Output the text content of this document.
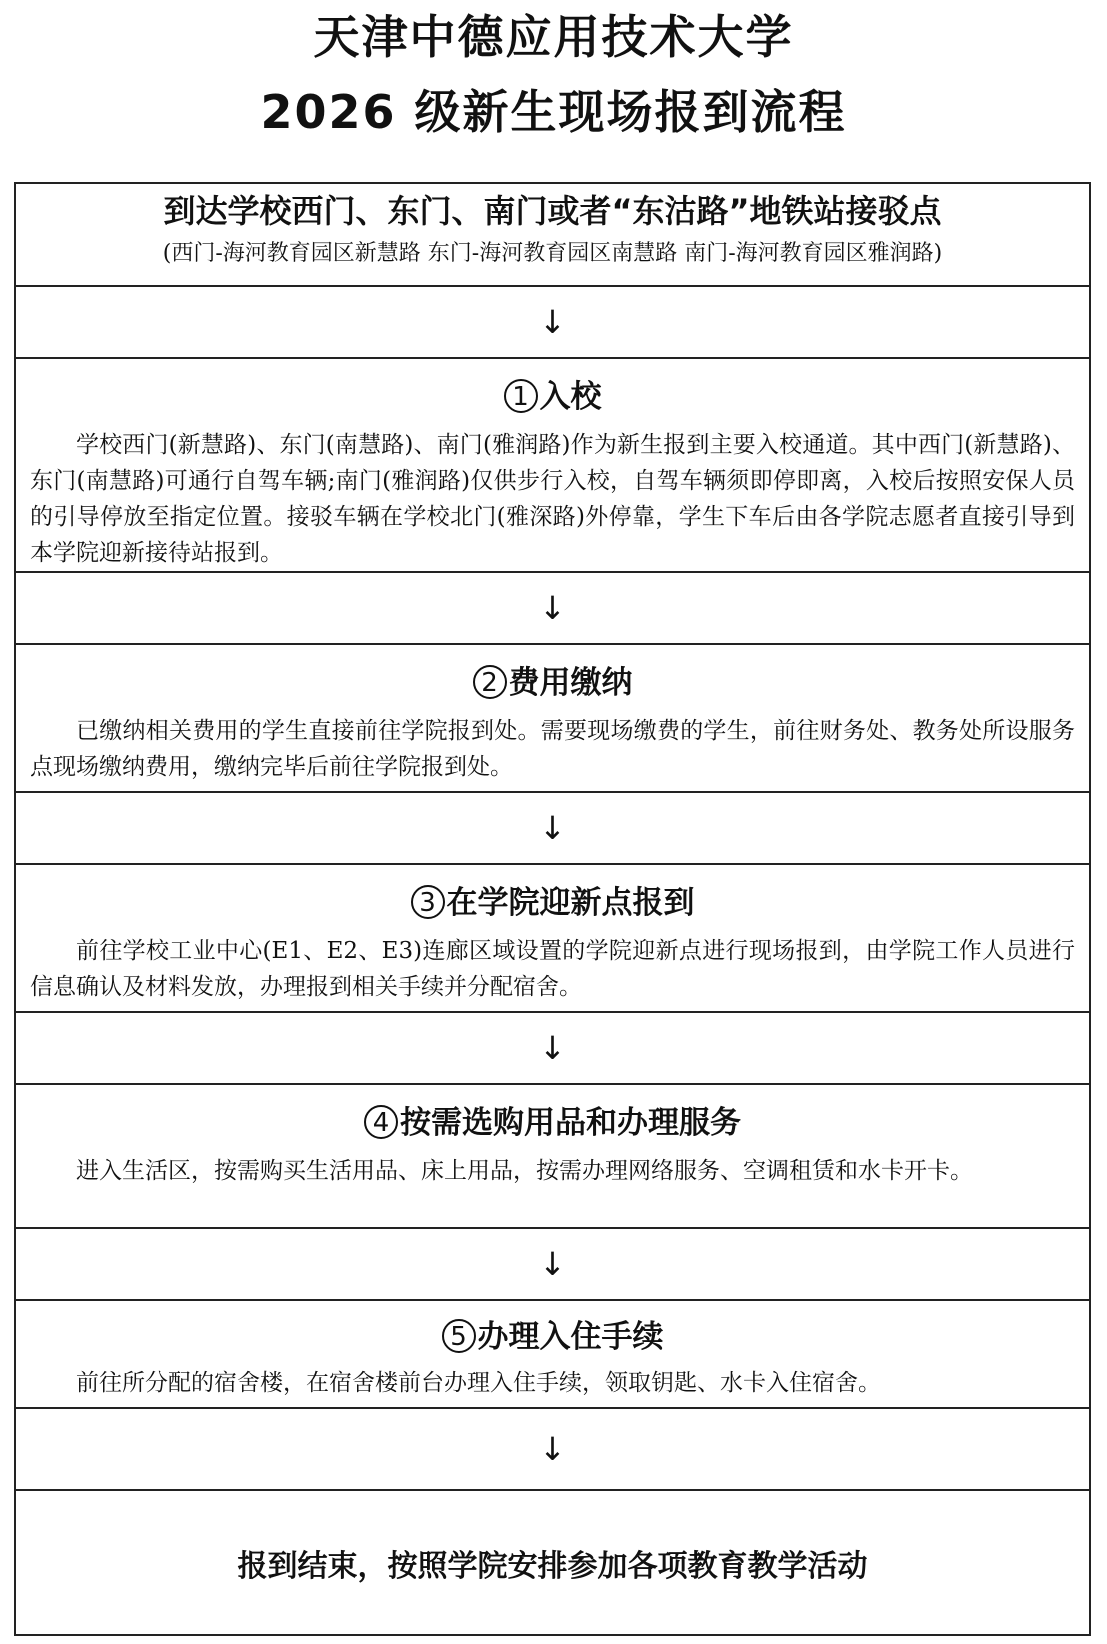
天津中德应用技术大学
2026 级新生现场报到流程
到达学校西门、东门、南门或者“东沽路”地铁站接驳点
(西门-海河教育园区新慧路 东门-海河教育园区南慧路 南门-海河教育园区雅润路)
↓
1 入校
学校西门(新慧路)、东门(南慧路)、南门(雅润路)作为新生报到主要入校通道。其中西门(新慧路)、东门(南慧路)可通行自驾车辆;南门(雅润路)仅供步行入校，自驾车辆须即停即离，入校后按照安保人员的引导停放至指定位置。接驳车辆在学校北门(雅深路)外停靠，学生下车后由各学院志愿者直接引导到本学院迎新接待站报到。
↓
2 费用缴纳
已缴纳相关费用的学生直接前往学院报到处。需要现场缴费的学生，前往财务处、教务处所设服务点现场缴纳费用，缴纳完毕后前往学院报到处。
↓
3 在学院迎新点报到
前往学校工业中心(E1、E2、E3)连廊区域设置的学院迎新点进行现场报到，由学院工作人员进行信息确认及材料发放，办理报到相关手续并分配宿舍。
↓
4 按需选购用品和办理服务
进入生活区，按需购买生活用品、床上用品，按需办理网络服务、空调租赁和水卡开卡。
↓
5 办理入住手续
前往所分配的宿舍楼，在宿舍楼前台办理入住手续，领取钥匙、水卡入住宿舍。
↓
报到结束，按照学院安排参加各项教育教学活动
